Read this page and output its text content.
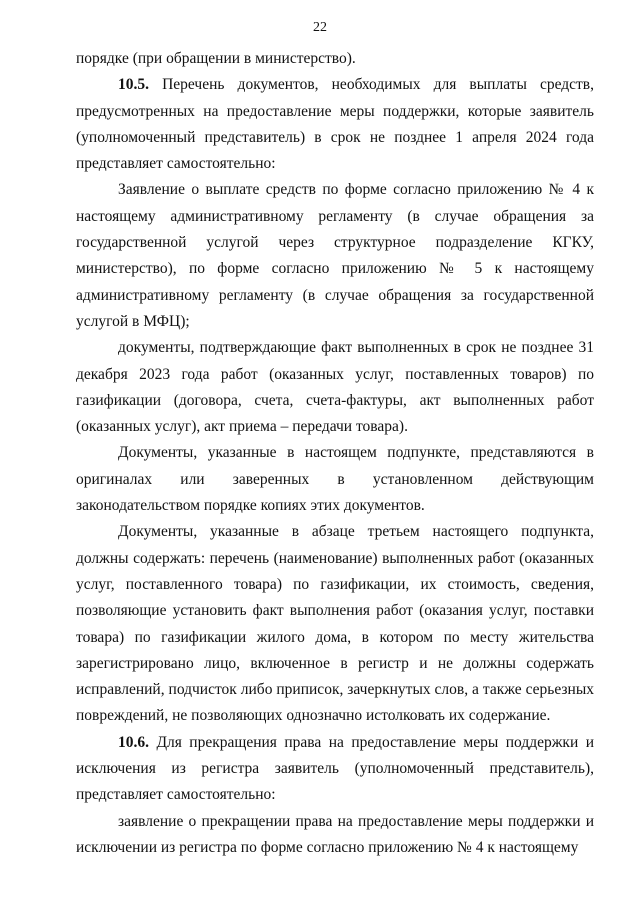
22

порядке (при обращении в министерство).

10.5. Перечень документов, необходимых для выплаты средств, предусмотренных на предоставление меры поддержки, которые заявитель (уполномоченный представитель) в срок не позднее 1 апреля 2024 года представляет самостоятельно:

Заявление о выплате средств по форме согласно приложению № 4 к настоящему административному регламенту (в случае обращения за государственной услугой через структурное подразделение КГКУ, министерство), по форме согласно приложению № 5 к настоящему административному регламенту (в случае обращения за государственной услугой в МФЦ);

документы, подтверждающие факт выполненных в срок не позднее 31 декабря 2023 года работ (оказанных услуг, поставленных товаров) по газификации (договора, счета, счета-фактуры, акт выполненных работ (оказанных услуг), акт приема – передачи товара).

Документы, указанные в настоящем подпункте, представляются в оригиналах или заверенных в установленном действующим законодательством порядке копиях этих документов.

Документы, указанные в абзаце третьем настоящего подпункта, должны содержать: перечень (наименование) выполненных работ (оказанных услуг, поставленного товара) по газификации, их стоимость, сведения, позволяющие установить факт выполнения работ (оказания услуг, поставки товара) по газификации жилого дома, в котором по месту жительства зарегистрировано лицо, включенное в регистр и не должны содержать исправлений, подчисток либо приписок, зачеркнутых слов, а также серьезных повреждений, не позволяющих однозначно истолковать их содержание.

10.6. Для прекращения права на предоставление меры поддержки и исключения из регистра заявитель (уполномоченный представитель), представляет самостоятельно:

заявление о прекращении права на предоставление меры поддержки и исключении из регистра по форме согласно приложению № 4 к настоящему
